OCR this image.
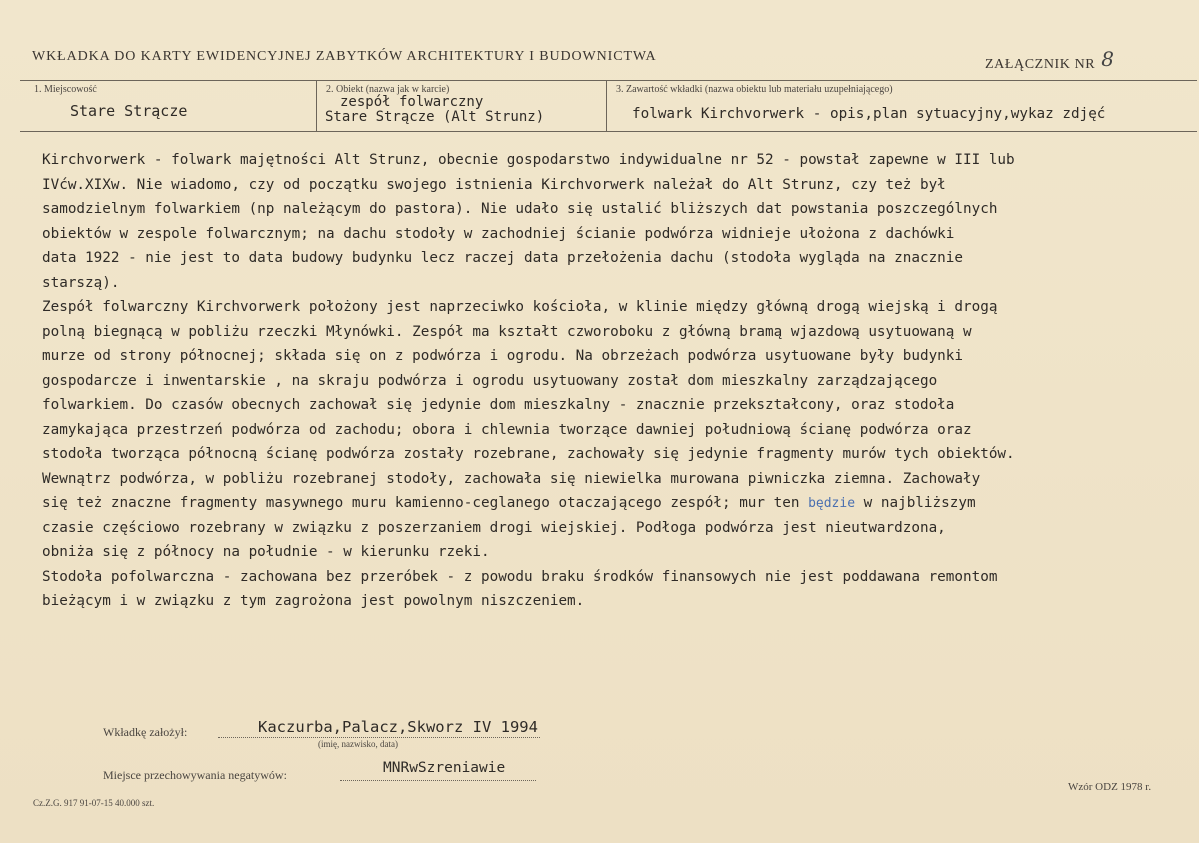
WKŁADKA DO KARTY EWIDENCYJNEJ ZABYTKÓW ARCHITEKTURY I BUDOWNICTWA
ZAŁĄCZNIK NR 8
1. Miejscowość
Stare Strącze
2. Obiekt (nazwa jak w karcie)
zespół folwarczny
Stare Strącze (Alt Strunz)
3. Zawartość wkładki (nazwa obiektu lub materiału uzupełniającego)
folwark Kirchvorwerk - opis,plan sytuacyjny,wykaz zdjęć
Kirchvorwerk - folwark majętności Alt Strunz, obecnie gospodarstwo indywidualne nr 52 - powstał zapewne w III lub
IVćw.XIXw. Nie wiadomo, czy od początku swojego istnienia Kirchvorwerk należał do Alt Strunz, czy też był
samodzielnym folwarkiem (np należącym do pastora). Nie udało się ustalić bliższych dat powstania poszczególnych
obiektów w zespole folwarcznym; na dachu stodoły w zachodniej ścianie podwórza widnieje ułożona z dachówki
data 1922 - nie jest to data budowy budynku lecz raczej data przełożenia dachu (stodoła wygląda na znacznie
starszą).
Zespół folwarczny Kirchvorwerk położony jest naprzeciwko kościoła, w klinie między główną drogą wiejską i drogą
polną biegnącą w pobliżu rzeczki Młynówki. Zespół ma kształt czworoboku z główną bramą wjazdową usytuowaną w
murze od strony północnej; składa się on z podwórza i ogrodu. Na obrzeżach podwórza usytuowane były budynki
gospodarcze i inwentarskie , na skraju podwórza i ogrodu usytuowany został dom mieszkalny zarządzającego
folwarkiem. Do czasów obecnych zachował się jedynie dom mieszkalny - znacznie przekształcony, oraz stodoła
zamykająca przestrzeń podwórza od zachodu; obora i chlewnia tworzące dawniej południową ścianę podwórza oraz
stodoła tworząca północną ścianę podwórza zostały rozebrane, zachowały się jedynie fragmenty murów tych obiektów.
Wewnątrz podwórza, w pobliżu rozebranej stodoły, zachowała się niewielka murowana piwniczka ziemna. Zachowały
się też znaczne fragmenty masywnego muru kamienno-ceglanego otaczającego zespół; mur ten będzie w najbliższym
czasie częściowo rozebrany w związku z poszerzaniem drogi wiejskiej. Podłoga podwórza jest nieutwardzona,
obniża się z północy na południe - w kierunku rzeki.
Stodoła pofolwarczna - zachowana bez przeróbek - z powodu braku środków finansowych nie jest poddawana remontom
bieżącym i w związku z tym zagrożona jest powolnym niszczeniem.
Wkładkę założył:	Kaczurba,Palacz,Skworz IV 1994
(imię, nazwisko, data)
Miejsce przechowywania negatywów:	MNRwSzreniawie
Wzór ODZ 1978 r.
Cz.Z.G. 917 91-07-15 40.000 szt.
